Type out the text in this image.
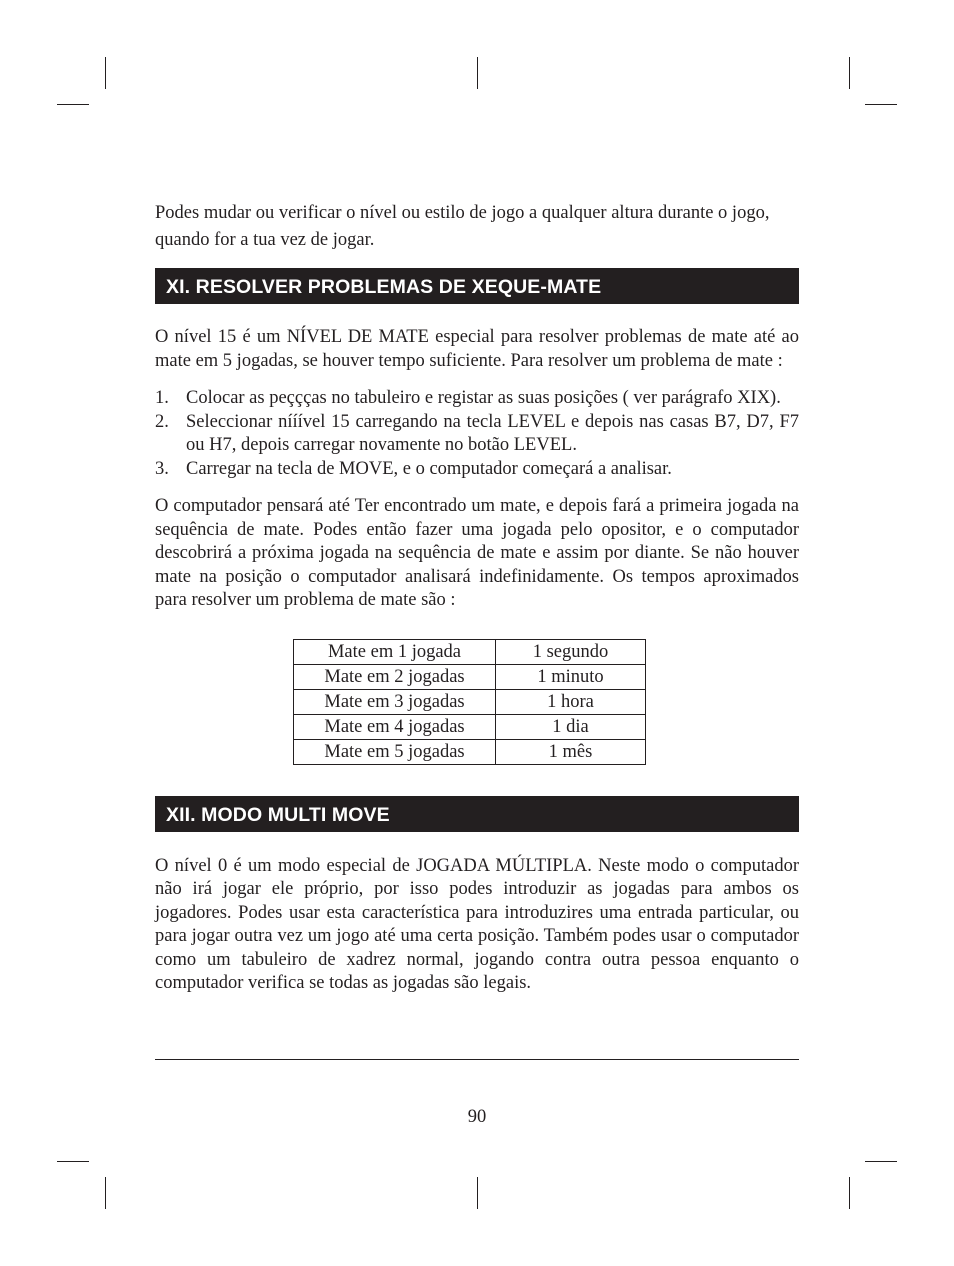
Podes mudar ou verificar o nível ou estilo de jogo a qualquer altura durante o jogo, quando for a tua vez de jogar.

XI. RESOLVER PROBLEMAS DE XEQUE-MATE

O nível 15 é um NÍVEL DE MATE especial para resolver problemas de mate até ao mate em 5 jogadas, se houver tempo suficiente. Para resolver um problema de mate :

1. Colocar as peççças no tabuleiro e registar as suas posições ( ver parágrafo XIX).
2. Seleccionar nííível 15 carregando na tecla LEVEL e depois nas casas B7, D7, F7 ou H7, depois carregar novamente no botão LEVEL.
3. Carregar na tecla de MOVE, e o computador começará a analisar.

O computador pensará até Ter encontrado um mate, e depois fará a primeira jogada na sequência de mate. Podes então fazer uma jogada pelo opositor, e o computador descobrirá a próxima jogada na sequência de mate e assim por diante. Se não houver mate na posição o computador analisará indefinidamente. Os tempos aproximados para resolver um problema de mate são :

Mate em 1 jogada	1 segundo
Mate em 2 jogadas	1 minuto
Mate em 3 jogadas	1 hora
Mate em 4 jogadas	1 dia
Mate em 5 jogadas	1 mês
XII. MODO MULTI MOVE

O nível 0 é um modo especial de JOGADA MÚLTIPLA. Neste modo o computador não irá jogar ele próprio, por isso podes introduzir as jogadas para ambos os jogadores. Podes usar esta característica para introduzires uma entrada particular, ou para jogar outra vez um jogo até uma certa posição. Também podes usar o computador como um tabuleiro de xadrez normal, jogando contra outra pessoa enquanto o computador verifica se todas as jogadas são legais.

90
